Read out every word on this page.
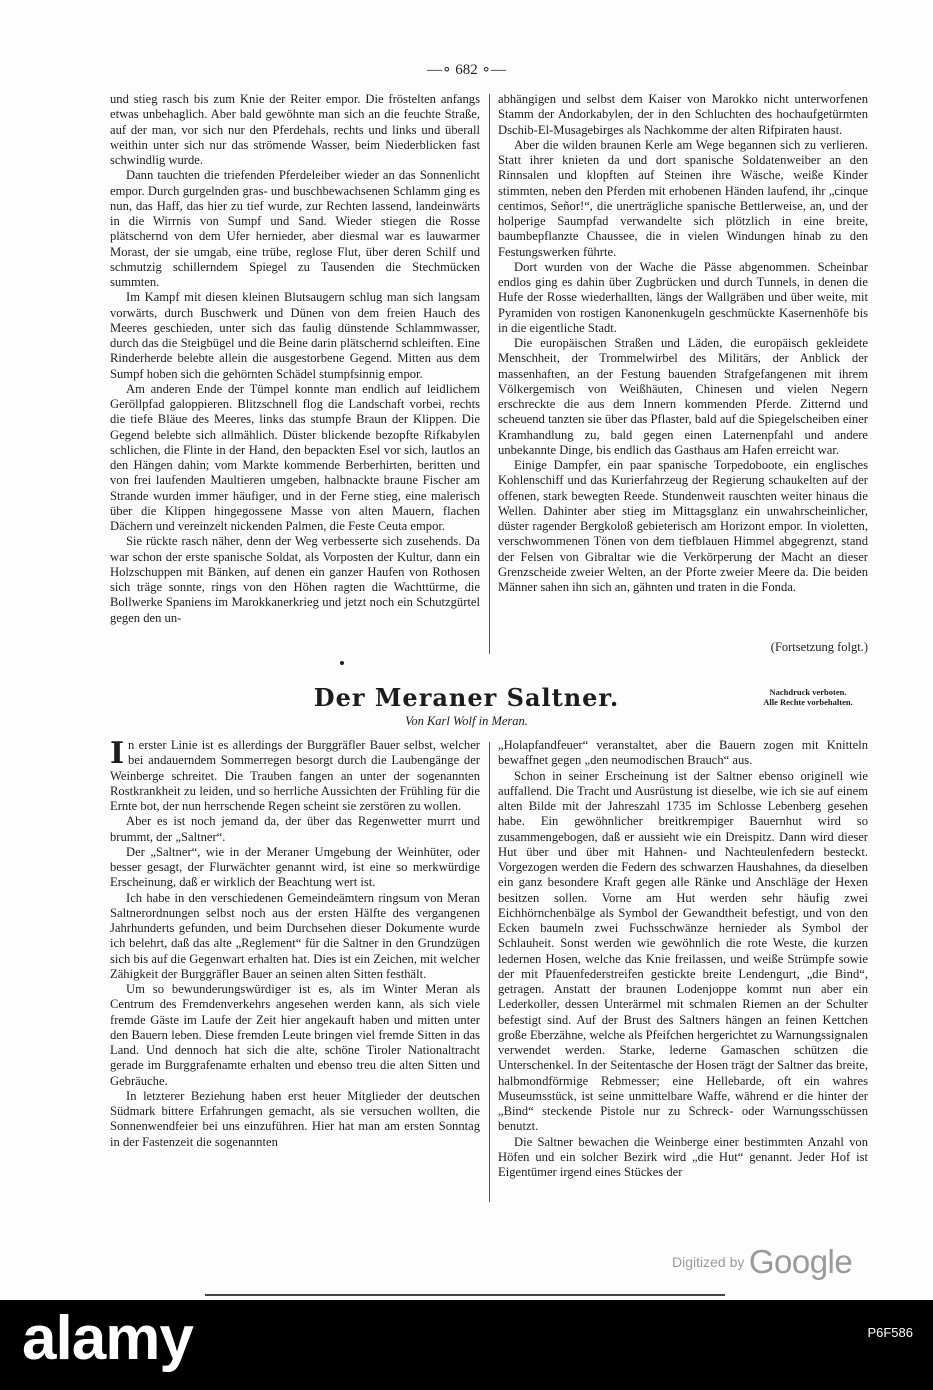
—∘ 682 ∘—

und stieg rasch bis zum Knie der Reiter empor. Die fröstelten anfangs etwas unbehaglich. Aber bald gewöhnte man sich an die feuchte Straße, auf der man, vor sich nur den Pferdehals, rechts und links und überall weithin unter sich nur das strömende Wasser, beim Niederblicken fast schwindlig wurde.

Dann tauchten die triefenden Pferdeleiber wieder an das Sonnenlicht empor. Durch gurgelnden gras- und buschbewachsenen Schlamm ging es nun, das Haff, das hier zu tief wurde, zur Rechten lassend, landeinwärts in die Wirrnis von Sumpf und Sand. Wieder stiegen die Rosse plätschernd von dem Ufer hernieder, aber diesmal war es lauwarmer Morast, der sie umgab, eine trübe, reglose Flut, über deren Schilf und schmutzig schillerndem Spiegel zu Tausenden die Stechmücken summten.

Im Kampf mit diesen kleinen Blutsaugern schlug man sich langsam vorwärts, durch Buschwerk und Dünen von dem freien Hauch des Meeres geschieden, unter sich das faulig dünstende Schlammwasser, durch das die Steigbügel und die Beine darin plätschernd schleiften. Eine Rinderherde belebte allein die ausgestorbene Gegend. Mitten aus dem Sumpf hoben sich die gehörnten Schädel stumpfsinnig empor.

Am anderen Ende der Tümpel konnte man endlich auf leidlichem Geröllpfad galoppieren. Blitzschnell flog die Landschaft vorbei, rechts die tiefe Bläue des Meeres, links das stumpfe Braun der Klippen. Die Gegend belebte sich allmählich. Düster blickende bezopfte Rifkabylen schlichen, die Flinte in der Hand, den bepackten Esel vor sich, lautlos an den Hängen dahin; vom Markte kommende Berberhirten, beritten und von frei laufenden Maultieren umgeben, halbnackte braune Fischer am Strande wurden immer häufiger, und in der Ferne stieg, eine malerisch über die Klippen hingegossene Masse von alten Mauern, flachen Dächern und vereinzelt nickenden Palmen, die Feste Ceuta empor.

Sie rückte rasch näher, denn der Weg verbesserte sich zusehends. Da war schon der erste spanische Soldat, als Vorposten der Kultur, dann ein Holzschuppen mit Bänken, auf denen ein ganzer Haufen von Rothosen sich träge sonnte, rings von den Höhen ragten die Wachttürme, die Bollwerke Spaniens im Marokkanerkrieg und jetzt noch ein Schutzgürtel gegen den un-

abhängigen und selbst dem Kaiser von Marokko nicht unterworfenen Stamm der Andorkabylen, der in den Schluchten des hochaufgetürmten Dschib-El-Musagebirges als Nachkomme der alten Rifpiraten haust.

Aber die wilden braunen Kerle am Wege begannen sich zu verlieren. Statt ihrer knieten da und dort spanische Soldatenweiber an den Rinnsalen und klopften auf Steinen ihre Wäsche, weiße Kinder stimmten, neben den Pferden mit erhobenen Händen laufend, ihr „cinque centimos, Señor!“, die unerträgliche spanische Bettlerweise, an, und der holperige Saumpfad verwandelte sich plötzlich in eine breite, baumbepflanzte Chaussee, die in vielen Windungen hinab zu den Festungswerken führte.

Dort wurden von der Wache die Pässe abgenommen. Scheinbar endlos ging es dahin über Zugbrücken und durch Tunnels, in denen die Hufe der Rosse wiederhallten, längs der Wallgräben und über weite, mit Pyramiden von rostigen Kanonenkugeln geschmückte Kasernenhöfe bis in die eigentliche Stadt.

Die europäischen Straßen und Läden, die europäisch gekleidete Menschheit, der Trommelwirbel des Militärs, der Anblick der massenhaften, an der Festung bauenden Strafgefangenen mit ihrem Völkergemisch von Weißhäuten, Chinesen und vielen Negern erschreckte die aus dem Innern kommenden Pferde. Zitternd und scheuend tanzten sie über das Pflaster, bald auf die Spiegelscheiben einer Kramhandlung zu, bald gegen einen Laternenpfahl und andere unbekannte Dinge, bis endlich das Gasthaus am Hafen erreicht war.

Einige Dampfer, ein paar spanische Torpedoboote, ein englisches Kohlenschiff und das Kurierfahrzeug der Regierung schaukelten auf der offenen, stark bewegten Reede. Stundenweit rauschten weiter hinaus die Wellen. Dahinter aber stieg im Mittagsglanz ein unwahrscheinlicher, düster ragender Bergkoloß gebieterisch am Horizont empor. In violetten, verschwommenen Tönen von dem tiefblauen Himmel abgegrenzt, stand der Felsen von Gibraltar wie die Verkörperung der Macht an dieser Grenzscheide zweier Welten, an der Pforte zweier Meere da. Die beiden Männer sahen ihn sich an, gähnten und traten in die Fonda.

(Fortsetzung folgt.)
Der Meraner Saltner.
Von Karl Wolf in Meran.
Nachdruck verboten.
Alle Rechte vorbehalten.

In erster Linie ist es allerdings der Burggräfler Bauer selbst, welcher bei andauerndem Sommerregen besorgt durch die Laubengänge der Weinberge schreitet. Die Trauben fangen an unter der sogenannten Rostkrankheit zu leiden, und so herrliche Aussichten der Frühling für die Ernte bot, der nun herrschende Regen scheint sie zerstören zu wollen.

Aber es ist noch jemand da, der über das Regenwetter murrt und brummt, der „Saltner“.

Der „Saltner“, wie in der Meraner Umgebung der Weinhüter, oder besser gesagt, der Flurwächter genannt wird, ist eine so merkwürdige Erscheinung, daß er wirklich der Beachtung wert ist.

Ich habe in den verschiedenen Gemeindeämtern ringsum von Meran Saltnerordnungen selbst noch aus der ersten Hälfte des vergangenen Jahrhunderts gefunden, und beim Durchsehen dieser Dokumente wurde ich belehrt, daß das alte „Reglement“ für die Saltner in den Grundzügen sich bis auf die Gegenwart erhalten hat. Dies ist ein Zeichen, mit welcher Zähigkeit der Burggräfler Bauer an seinen alten Sitten festhält.

Um so bewunderungswürdiger ist es, als im Winter Meran als Centrum des Fremdenverkehrs angesehen werden kann, als sich viele fremde Gäste im Laufe der Zeit hier angekauft haben und mitten unter den Bauern leben. Diese fremden Leute bringen viel fremde Sitten in das Land. Und dennoch hat sich die alte, schöne Tiroler Nationaltracht gerade im Burggrafenamte erhalten und ebenso treu die alten Sitten und Gebräuche.

In letzterer Beziehung haben erst heuer Mitglieder der deutschen Südmark bittere Erfahrungen gemacht, als sie versuchen wollten, die Sonnenwendfeier bei uns einzuführen. Hier hat man am ersten Sonntag in der Fastenzeit die sogenannten

„Holapfandfeuer“ veranstaltet, aber die Bauern zogen mit Knitteln bewaffnet gegen „den neumodischen Brauch“ aus.

Schon in seiner Erscheinung ist der Saltner ebenso originell wie auffallend. Die Tracht und Ausrüstung ist dieselbe, wie ich sie auf einem alten Bilde mit der Jahreszahl 1735 im Schlosse Lebenberg gesehen habe. Ein gewöhnlicher breitkrempiger Bauernhut wird so zusammengebogen, daß er aussieht wie ein Dreispitz. Dann wird dieser Hut über und über mit Hahnen- und Nachteulenfedern besteckt. Vorgezogen werden die Federn des schwarzen Haushahnes, da dieselben ein ganz besondere Kraft gegen alle Ränke und Anschläge der Hexen besitzen sollen. Vorne am Hut werden sehr häufig zwei Eichhörnchenbälge als Symbol der Gewandtheit befestigt, und von den Ecken baumeln zwei Fuchsschwänze hernieder als Symbol der Schlauheit. Sonst werden wie gewöhnlich die rote Weste, die kurzen ledernen Hosen, welche das Knie freilassen, und weiße Strümpfe sowie der mit Pfauenfederstreifen gestickte breite Lendengurt, „die Bind“, getragen. Anstatt der braunen Lodenjoppe kommt nun aber ein Lederkoller, dessen Unterärmel mit schmalen Riemen an der Schulter befestigt sind. Auf der Brust des Saltners hängen an feinen Kettchen große Eberzähne, welche als Pfeifchen hergerichtet zu Warnungssignalen verwendet werden. Starke, lederne Gamaschen schützen die Unterschenkel. In der Seitentasche der Hosen trägt der Saltner das breite, halbmondförmige Rebmesser; eine Hellebarde, oft ein wahres Museumsstück, ist seine unmittelbare Waffe, während er die hinter der „Bind“ steckende Pistole nur zu Schreck- oder Warnungsschüssen benutzt.

Die Saltner bewachen die Weinberge einer bestimmten Anzahl von Höfen und ein solcher Bezirk wird „die Hut“ genannt. Jeder Hof ist Eigentümer irgend eines Stückes der

Digitized by Google
alamy	P6F586
